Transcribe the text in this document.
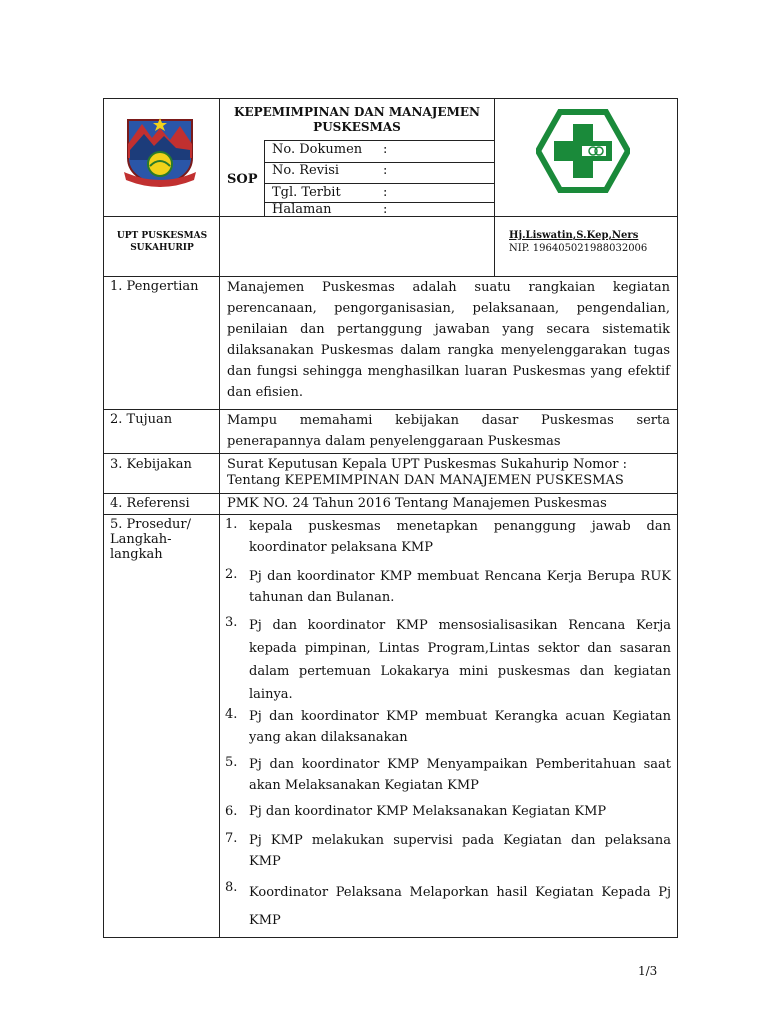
KEPEMIMPINAN DAN MANAJEMEN PUSKESMAS
SOP
No. Dokumen :
No. Revisi	:
Tgl. Terbit	:
Halaman	:
UPT PUSKESMAS SUKAHURIP
Hj.Liswatin,S.Kep,Ners
NIP. 196405021988032006
1. Pengertian Manajemen Puskesmas adalah suatu rangkaian kegiatan perencanaan, pengorganisasian, pelaksanaan, pengendalian, penilaian dan pertanggung jawaban yang secara sistematik dilaksanakan Puskesmas dalam rangka menyelenggarakan tugas dan fungsi sehingga menghasilkan luaran Puskesmas yang efektif dan efisien.
2. Tujuan	Mampu memahami kebijakan dasar Puskesmas serta penerapannya dalam penyelenggaraan Puskesmas
3. Kebijakan	Surat Keputusan Kepala UPT Puskesmas Sukahurip Nomor :
Tentang KEPEMIMPINAN DAN MANAJEMEN PUSKESMAS
4. Referensi	PMK NO. 24 Tahun 2016 Tentang Manajemen Puskesmas
5. Prosedur/ Langkah-langkah
1. kepala puskesmas menetapkan penanggung jawab dan koordinator pelaksana KMP
2. Pj dan koordinator KMP membuat Rencana Kerja Berupa RUK tahunan dan Bulanan.
3. Pj dan koordinator KMP mensosialisasikan Rencana Kerja kepada pimpinan, Lintas Program,Lintas sektor dan sasaran dalam pertemuan Lokakarya mini puskesmas dan kegiatan lainya.
4. Pj dan koordinator KMP membuat Kerangka acuan Kegiatan yang akan dilaksanakan
5. Pj dan koordinator KMP Menyampaikan Pemberitahuan saat akan Melaksanakan Kegiatan KMP
6. Pj dan koordinator KMP Melaksanakan Kegiatan KMP
7. Pj KMP melakukan supervisi pada Kegiatan dan pelaksana KMP
8. Koordinator Pelaksana Melaporkan hasil Kegiatan Kepada Pj KMP
1/3
